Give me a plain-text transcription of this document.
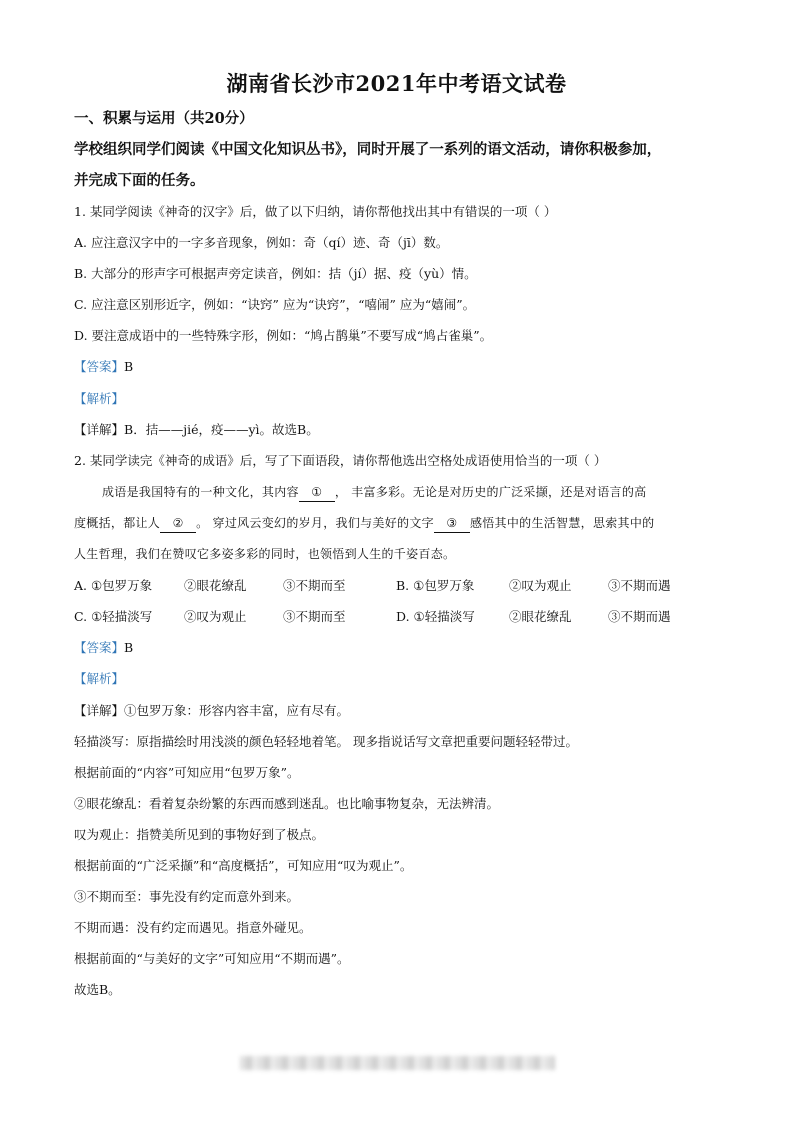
湖南省长沙市2021年中考语文试卷
一、积累与运用（共20分）
学校组织同学们阅读《中国文化知识丛书》，同时开展了一系列的语文活动，请你积极参加，
并完成下面的任务。
1. 某同学阅读《神奇的汉字》后，做了以下归纳，请你帮他找出其中有错误的一项（ ）
A. 应注意汉字中的一字多音现象，例如：奇（qí）迹、奇（jī）数。
B. 大部分的形声字可根据声旁定读音，例如：拮（jí）据、疫（yù）情。
C. 应注意区别形近字，例如：“诀窍” 应为“诀窍”，“嘻闹” 应为“嬉闹”。
D. 要注意成语中的一些特殊字形，例如：“鸠占鹊巢”不要写成“鸠占雀巢”。
【答案】B
【解析】
【详解】B．拮——jié，疫——yì。故选B。
2. 某同学读完《神奇的成语》后，写了下面语段，请你帮他选出空格处成语使用恰当的一项（ ）
成语是我国特有的一种文化，其内容 ① ， 丰富多彩。无论是对历史的广泛采撷，还是对语言的高
度概括，都让人 ② 。 穿过风云变幻的岁月，我们与美好的文字 ③ 感悟其中的生活智慧，思索其中的
人生哲理，我们在赞叹它多姿多彩的同时，也领悟到人生的千姿百态。
A. ①包罗万象	②眼花缭乱	③不期而至	B. ①包罗万象	②叹为观止	③不期而遇
C. ①轻描淡写	②叹为观止	③不期而至	D. ①轻描淡写	②眼花缭乱	③不期而遇
【答案】B
【解析】
【详解】①包罗万象：形容内容丰富，应有尽有。
轻描淡写：原指描绘时用浅淡的颜色轻轻地着笔。 现多指说话写文章把重要问题轻轻带过。
根据前面的“内容”可知应用“包罗万象”。
②眼花缭乱：看着复杂纷繁的东西而感到迷乱。也比喻事物复杂，无法辨清。
叹为观止：指赞美所见到的事物好到了极点。
根据前面的“广泛采撷”和“高度概括”，可知应用“叹为观止”。
③不期而至：事先没有约定而意外到来。
不期而遇：没有约定而遇见。指意外碰见。
根据前面的“与美好的文字”可知应用“不期而遇”。
故选B。
